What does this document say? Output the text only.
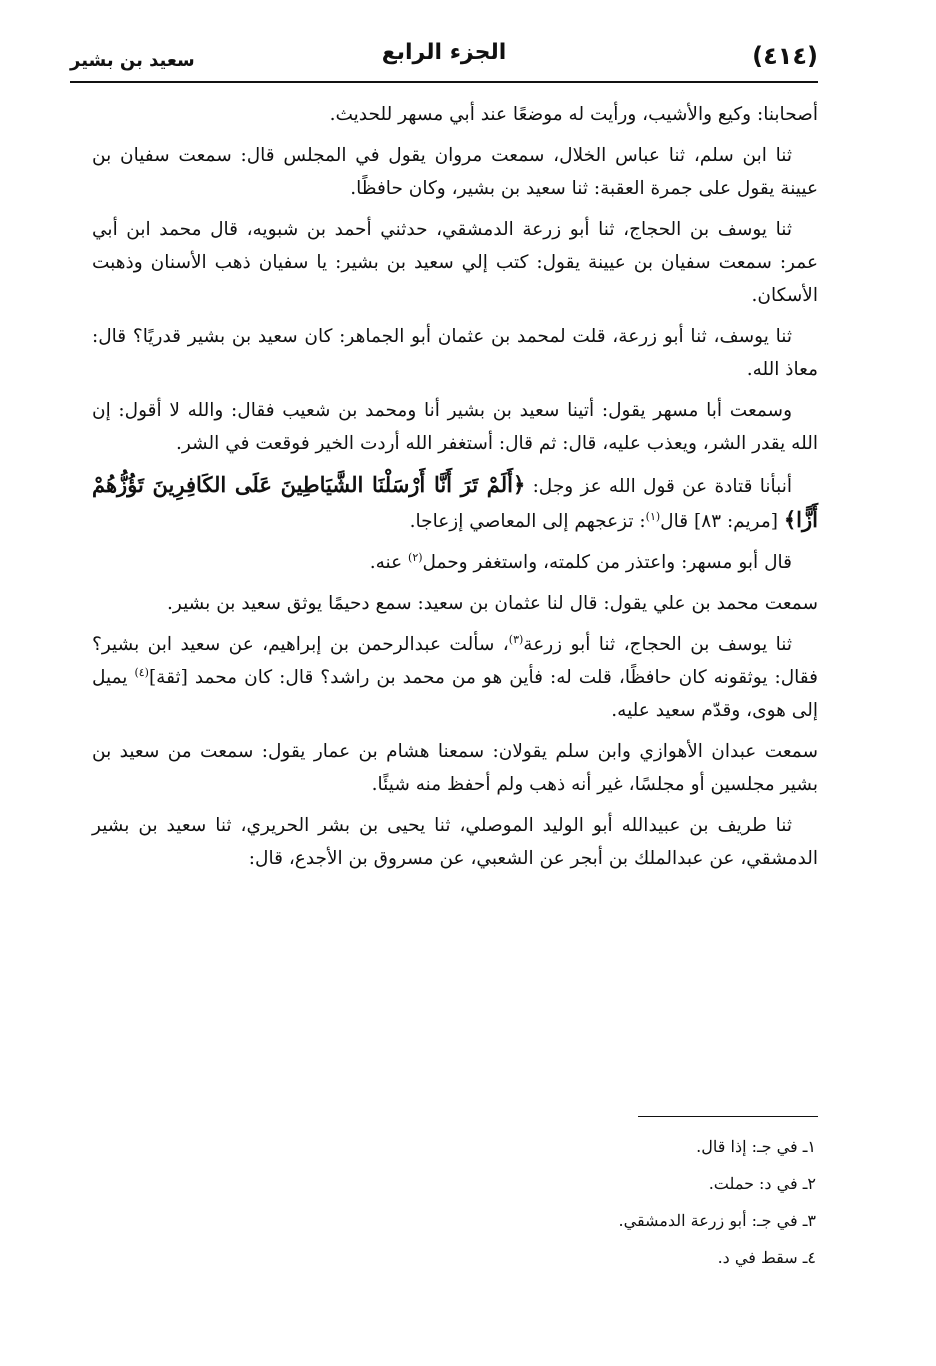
(٤١٤)
الجزء الرابع
سعيد بن بشير

أصحابنا: وكيع والأشيب، ورأيت له موضعًا عند أبي مسهر للحديث.

ثنا ابن سلم، ثنا عباس الخلال، سمعت مروان يقول في المجلس قال: سمعت سفيان بن عيينة يقول على جمرة العقبة: ثنا سعيد بن بشير، وكان حافظًا.

ثنا يوسف بن الحجاج، ثنا أبو زرعة الدمشقي، حدثني أحمد بن شبويه، قال محمد ابن أبي عمر: سمعت سفيان بن عيينة يقول: كتب إلي سعيد بن بشير: يا سفيان ذهب الأسنان وذهبت الأسكان.

ثنا يوسف، ثنا أبو زرعة، قلت لمحمد بن عثمان أبو الجماهر: كان سعيد بن بشير قدريًا؟ قال: معاذ الله.

وسمعت أبا مسهر يقول: أتينا سعيد بن بشير أنا ومحمد بن شعيب فقال: والله لا أقول: إن الله يقدر الشر، ويعذب عليه، قال: ثم قال: أستغفر الله أردت الخير فوقعت في الشر.

أنبأنا قتادة عن قول الله عز وجل: ﴿أَلَمْ تَرَ أَنَّا أَرْسَلْنَا الشَّيَاطِينَ عَلَى الكَافِرِينَ تَؤُزُّهُمْ أَزًّا﴾ [مريم: ٨٣] قال$^{(١)}$: تزعجهم إلى المعاصي إزعاجا.

قال أبو مسهر: واعتذر من كلمته، واستغفر وحمل$^{(٢)}$ عنه.

سمعت محمد بن علي يقول: قال لنا عثمان بن سعيد: سمع دحيمًا يوثق سعيد بن بشير.

ثنا يوسف بن الحجاج، ثنا أبو زرعة$^{(٣)}$، سألت عبدالرحمن بن إبراهيم، عن سعيد ابن بشير؟ فقال: يوثقونه كان حافظًا، قلت له: فأين هو من محمد بن راشد؟ قال: كان محمد [ثقة]$^{(٤)}$ يميل إلى هوى، وقدّم سعيد عليه.

سمعت عبدان الأهوازي وابن سلم يقولان: سمعنا هشام بن عمار يقول: سمعت من سعيد بن بشير مجلسين أو مجلسًا، غير أنه ذهب ولم أحفظ منه شيئًا.

ثنا طريف بن عبيدالله أبو الوليد الموصلي، ثنا يحيى بن بشر الحريري، ثنا سعيد بن بشير الدمشقي، عن عبدالملك بن أبجر عن الشعبي، عن مسروق بن الأجدع، قال:

١ـ في جـ: إذا قال.
٢ـ في د: حملت.
٣ـ في جـ: أبو زرعة الدمشقي.
٤ـ سقط في د.
